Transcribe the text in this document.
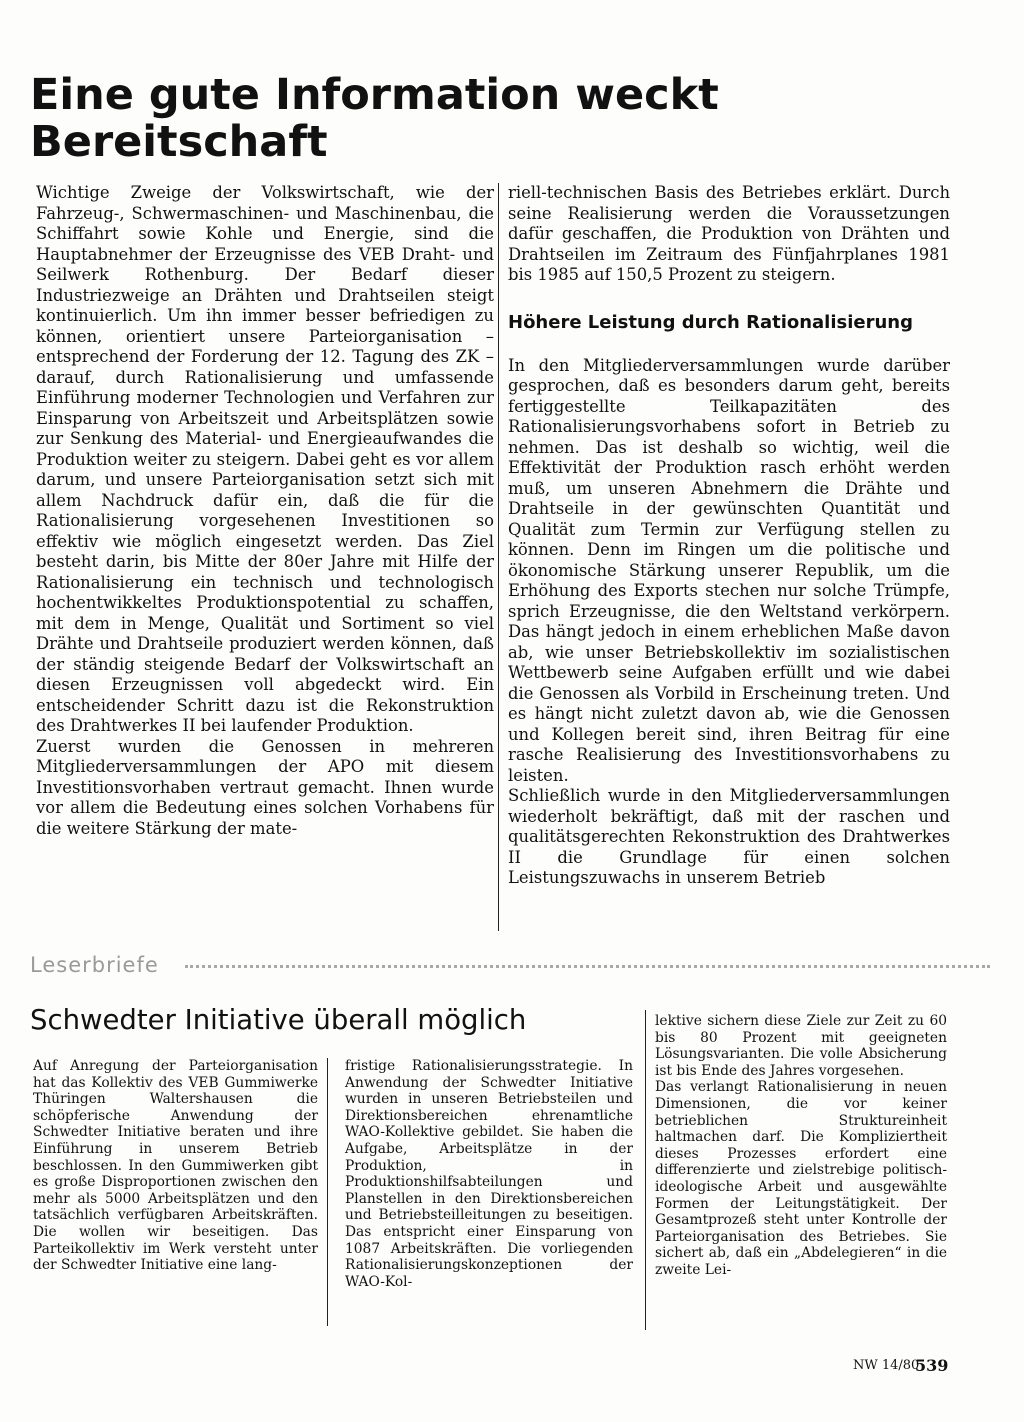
Eine gute Information weckt Bereitschaft

Wichtige Zweige der Volkswirtschaft, wie der Fahrzeug-, Schwermaschinen- und Maschinenbau, die Schiffahrt sowie Kohle und Energie, sind die Hauptabnehmer der Erzeugnisse des VEB Draht- und Seilwerk Rothenburg. Der Bedarf dieser Industriezweige an Drähten und Drahtseilen steigt kontinuierlich. Um ihn immer besser befriedigen zu können, orientiert unsere Parteiorganisation – entsprechend der Forderung der 12. Tagung des ZK – darauf, durch Rationalisierung und umfassende Einführung moderner Technologien und Verfahren zur Einsparung von Arbeitszeit und Arbeitsplätzen sowie zur Senkung des Material- und Energieaufwandes die Produktion weiter zu steigern. Dabei geht es vor allem darum, und unsere Parteiorganisation setzt sich mit allem Nachdruck dafür ein, daß die für die Rationalisierung vorgesehenen Investitionen so effektiv wie möglich eingesetzt werden. Das Ziel besteht darin, bis Mitte der 80er Jahre mit Hilfe der Rationalisierung ein technisch und technologisch hochentwikkeltes Produktionspotential zu schaffen, mit dem in Menge, Qualität und Sortiment so viel Drähte und Drahtseile produziert werden können, daß der ständig steigende Bedarf der Volkswirtschaft an diesen Erzeugnissen voll abgedeckt wird. Ein entscheidender Schritt dazu ist die Rekonstruktion des Drahtwerkes II bei laufender Produktion.

Zuerst wurden die Genossen in mehreren Mitgliederversammlungen der APO mit diesem Investitionsvorhaben vertraut gemacht. Ihnen wurde vor allem die Bedeutung eines solchen Vorhabens für die weitere Stärkung der mate-

riell-technischen Basis des Betriebes erklärt. Durch seine Realisierung werden die Voraussetzungen dafür geschaffen, die Produktion von Drähten und Drahtseilen im Zeitraum des Fünfjahrplanes 1981 bis 1985 auf 150,5 Prozent zu steigern.

Höhere Leistung durch Rationalisierung

In den Mitgliederversammlungen wurde darüber gesprochen, daß es besonders darum geht, bereits fertiggestellte Teilkapazitäten des Rationalisierungsvorhabens sofort in Betrieb zu nehmen. Das ist deshalb so wichtig, weil die Effektivität der Produktion rasch erhöht werden muß, um unseren Abnehmern die Drähte und Drahtseile in der gewünschten Quantität und Qualität zum Termin zur Verfügung stellen zu können. Denn im Ringen um die politische und ökonomische Stärkung unserer Republik, um die Erhöhung des Exports stechen nur solche Trümpfe, sprich Erzeugnisse, die den Weltstand verkörpern. Das hängt jedoch in einem erheblichen Maße davon ab, wie unser Betriebskollektiv im sozialistischen Wettbewerb seine Aufgaben erfüllt und wie dabei die Genossen als Vorbild in Erscheinung treten. Und es hängt nicht zuletzt davon ab, wie die Genossen und Kollegen bereit sind, ihren Beitrag für eine rasche Realisierung des Investitionsvorhabens zu leisten.

Schließlich wurde in den Mitgliederversammlungen wiederholt bekräftigt, daß mit der raschen und qualitätsgerechten Rekonstruktion des Drahtwerkes II die Grundlage für einen solchen Leistungszuwachs in unserem Betrieb

Leserbriefe
Schwedter Initiative überall möglich

Auf Anregung der Parteiorganisation hat das Kollektiv des VEB Gummiwerke Thüringen Waltershausen die schöpferische Anwendung der Schwedter Initiative beraten und ihre Einführung in unserem Betrieb beschlossen. In den Gummiwerken gibt es große Disproportionen zwischen den mehr als 5000 Arbeitsplätzen und den tatsächlich verfügbaren Arbeitskräften. Die wollen wir beseitigen. Das Parteikollektiv im Werk versteht unter der Schwedter Initiative eine lang-

fristige Rationalisierungsstrategie. In Anwendung der Schwedter Initiative wurden in unseren Betriebsteilen und Direktionsbereichen ehrenamtliche WAO-Kollektive gebildet. Sie haben die Aufgabe, Arbeitsplätze in der Produktion, in Produktionshilfsabteilungen und Planstellen in den Direktionsbereichen und Betriebsteilleitungen zu beseitigen. Das entspricht einer Einsparung von 1087 Arbeitskräften. Die vorliegenden Rationalisierungskonzeptionen der WAO-Kol-

lektive sichern diese Ziele zur Zeit zu 60 bis 80 Prozent mit geeigneten Lösungsvarianten. Die volle Absicherung ist bis Ende des Jahres vorgesehen.

Das verlangt Rationalisierung in neuen Dimensionen, die vor keiner betrieblichen Struktureinheit haltmachen darf. Die Kompliziertheit dieses Prozesses erfordert eine differenzierte und zielstrebige politisch-ideologische Arbeit und ausgewählte Formen der Leitungstätigkeit. Der Gesamtprozeß steht unter Kontrolle der Parteiorganisation des Betriebes. Sie sichert ab, daß ein „Abdelegieren“ in die zweite Lei-

NW 14/80
539
